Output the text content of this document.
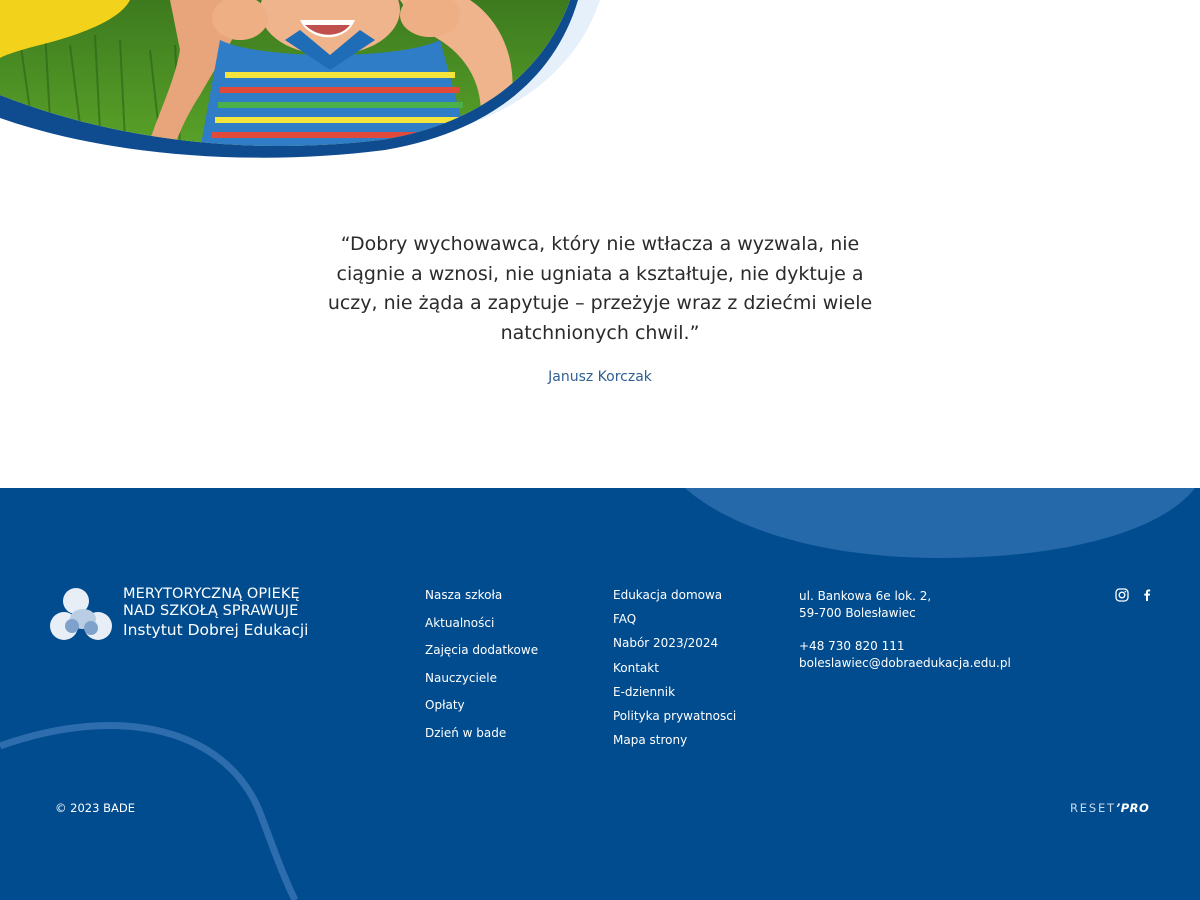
“Dobry wychowawca, który nie wtłacza a wyzwala, nie ciągnie a wznosi, nie ugniata a kształtuje, nie dyktuje a uczy, nie żąda a zapytuje – przeżyje wraz z dziećmi wiele natchnionych chwil.”

Janusz Korczak

MERYTORYCZNĄ OPIEKĘ
NAD SZKOŁĄ SPRAWUJE
Instytut Dobrej Edukacji
Nasza szkoła
Aktualności
Zajęcia dodatkowe
Nauczyciele
Opłaty
Dzień w bade
Edukacja domowa
FAQ
Nabór 2023/2024
Kontakt
E-dziennik
Polityka prywatnosci
Mapa strony
ul. Bankowa 6e lok. 2,
59-700 Bolesławiec
+48 730 820 111
boleslawiec@dobraedukacja.edu.pl
© 2023 BADE	RESET’PRO
